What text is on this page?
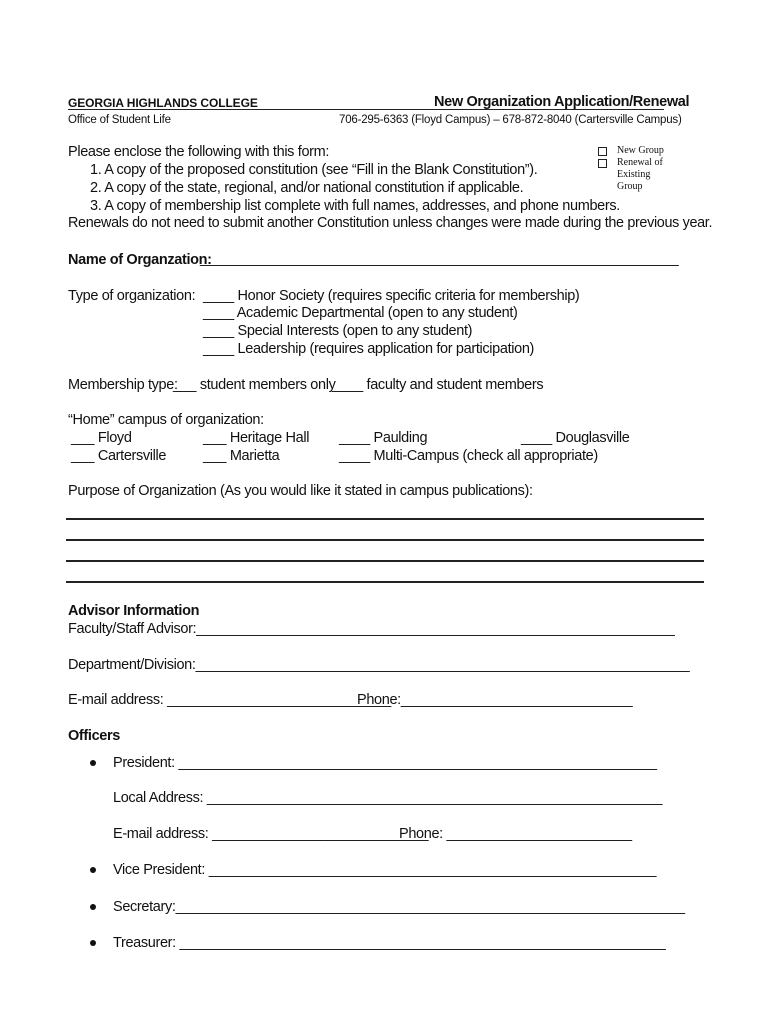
GEORGIA HIGHLANDS COLLEGE	New Organization Application/Renewal
Office of Student Life	706-295-6363 (Floyd Campus) – 678-872-8040 (Cartersville Campus)
New Group
Renewal of Existing Group
Please enclose the following with this form:
1. A copy of the proposed constitution (see “Fill in the Blank Constitution”).
2. A copy of the state, regional, and/or national constitution if applicable.
3. A copy of membership list complete with full names, addresses, and phone numbers.
Renewals do not need to submit another Constitution unless changes were made during the previous year.
Name of Organzation:
______________________________________________________________
Type of organization: ____ Honor Society (requires specific criteria for membership)
____ Academic Departmental (open to any student)
____ Special Interests (open to any student)
____ Leadership (requires application for participation)
Membership type:
___ student members only
____ faculty and student members
“Home” campus of organization:
___ Floyd	___ Heritage Hall ____ Paulding	____ Douglasville
___ Cartersville	___ Marietta	____ Multi-Campus (check all appropriate)
Purpose of Organization (As you would like it stated in campus publications):
Advisor Information
Faculty/Staff Advisor:______________________________________________________________
Department/Division:________________________________________________________________
E-mail address: _____________________________
Phone:______________________________
Officers
President: ______________________________________________________________
Local Address: ___________________________________________________________
E-mail address: ____________________________
Phone: ________________________
Vice President: __________________________________________________________
Secretary:__________________________________________________________________
Treasurer: _______________________________________________________________
